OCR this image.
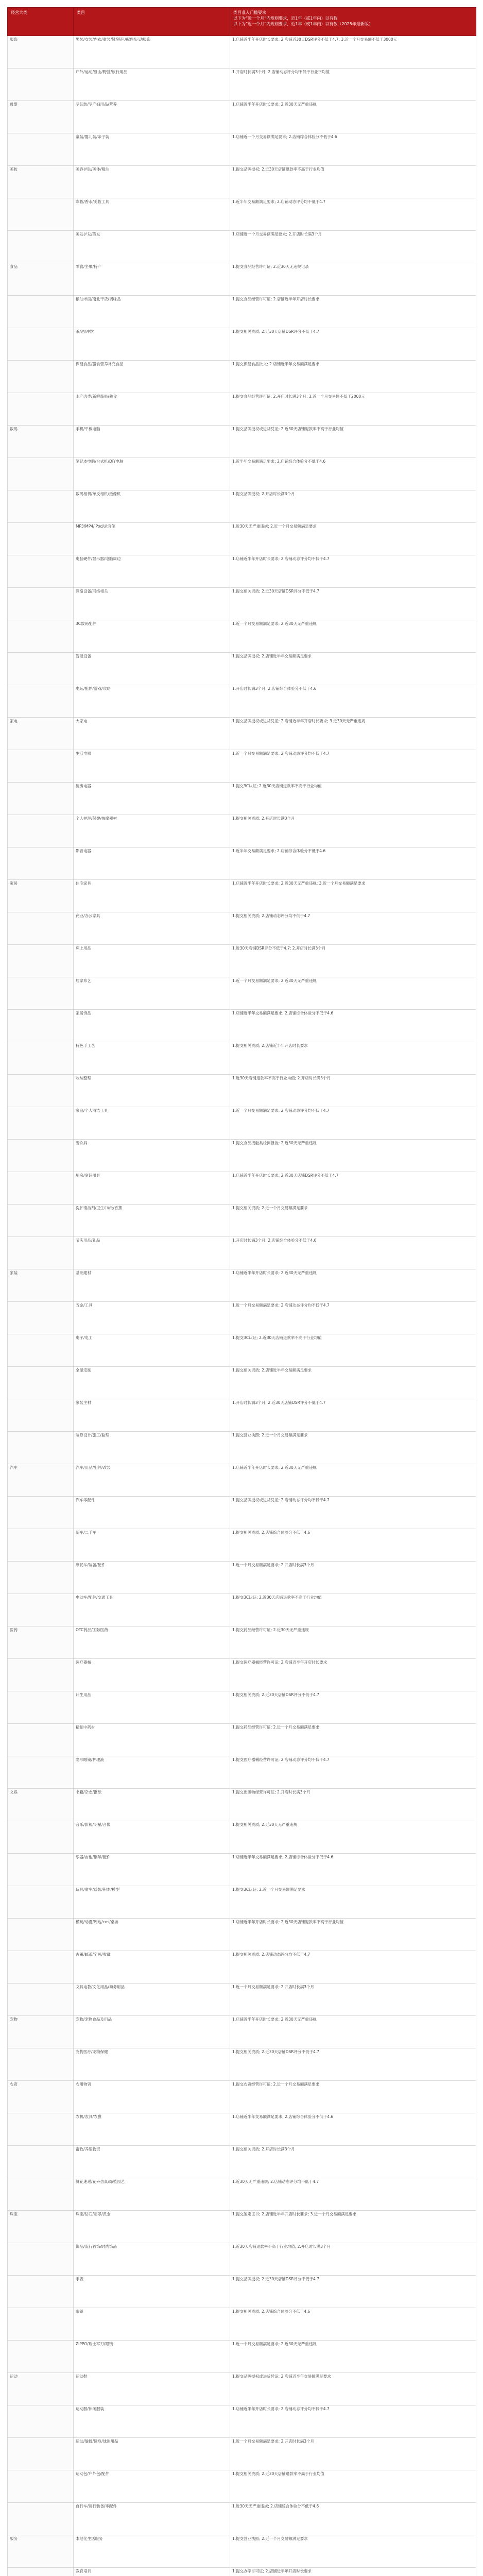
经营大类	类目	类目准入门槛要求
以下为“近一个月”内规则要求，近1年（或1年内）以有数
以下为“近一个月”内规则要求，近1年（或1年内）以有数（2025年最新版）

服饰	男装/女装/内衣/童装/鞋/箱包/配件/运动服饰	1.店铺近半年开店时长要求; 2.店铺近30天DSR评分不低于4.7; 3.近一个月交易额不低于3000元
	户外/运动/登山/野营/旅行用品	1.开店时长满3个月; 2.店铺动态评分均不低于行业平均值
母婴	孕妇装/孕产妇用品/营养	1.店铺近半年开店时长要求; 2.近30天无严重违规
	童装/婴儿装/亲子装	1.店铺近一个月交易额满足要求; 2.店铺综合体验分不低于4.6
美妆	美容护肤/美体/精油	1.提交品牌授权; 2.近30天店铺退款率不高于行业均值
	彩妆/香水/美妆工具	1.近半年交易额满足要求; 2.店铺动态评分均不低于4.7
	美发护发/假发	1.店铺近一个月交易额满足要求; 2.开店时长满3个月
食品	零食/坚果/特产	1.提交食品经营许可证; 2.近30天无违规记录
	粮油米面/南北干货/调味品	1.提交食品经营许可证; 2.店铺近半年开店时长要求
	茶/酒/冲饮	1.提交相关资质; 2.近30天店铺DSR评分不低于4.7
	保健食品/膳食营养补充食品	1.提交保健食品批文; 2.店铺近半年交易额满足要求
	水产肉类/新鲜蔬果/熟食	1.提交食品经营许可证; 2.开店时长满3个月; 3.近一个月交易额不低于2000元
数码	手机/平板电脑	1.提交品牌授权或进货凭证; 2.近30天店铺退款率不高于行业均值
	笔记本电脑/台式机/DIY电脑	1.近半年交易额满足要求; 2.店铺综合体验分不低于4.6
	数码相机/单反相机/摄像机	1.提交品牌授权; 2.开店时长满3个月
	MP3/MP4/iPod/录音笔	1.近30天无严重违规; 2.近一个月交易额满足要求
	电脑硬件/显示器/电脑周边	1.店铺近半年开店时长要求; 2.店铺动态评分均不低于4.7
	网络设备/网络相关	1.提交相关资质; 2.近30天店铺DSR评分不低于4.7
	3C数码配件	1.近一个月交易额满足要求; 2.近30天无严重违规
	智能设备	1.提交品牌授权; 2.店铺近半年交易额满足要求
	电玩/配件/游戏/攻略	1.开店时长满3个月; 2.店铺综合体验分不低于4.6
家电	大家电	1.提交品牌授权或进货凭证; 2.店铺近半年开店时长要求; 3.近30天无严重违规
	生活电器	1.近一个月交易额满足要求; 2.店铺动态评分均不低于4.7
	厨房电器	1.提交3C认证; 2.近30天店铺退款率不高于行业均值
	个人护理/保健/按摩器材	1.提交相关资质; 2.开店时长满3个月
	影音电器	1.近半年交易额满足要求; 2.店铺综合体验分不低于4.6
家居	住宅家具	1.店铺近半年开店时长要求; 2.近30天无严重违规; 3.近一个月交易额满足要求
	商业/办公家具	1.提交相关资质; 2.店铺动态评分均不低于4.7
	床上用品	1.近30天店铺DSR评分不低于4.7; 2.开店时长满3个月
	居家布艺	1.近一个月交易额满足要求; 2.近30天无严重违规
	家居饰品	1.店铺近半年交易额满足要求; 2.店铺综合体验分不低于4.6
	特色手工艺	1.提交相关资质; 2.店铺近半年开店时长要求
	收纳整理	1.近30天店铺退款率不高于行业均值; 2.开店时长满3个月
	家庭/个人清洁工具	1.近一个月交易额满足要求; 2.店铺动态评分均不低于4.7
	餐饮具	1.提交食品接触类检测报告; 2.近30天无严重违规
	厨房/烹饪用具	1.店铺近半年开店时长要求; 2.近30天店铺DSR评分不低于4.7
	洗护清洁剂/卫生巾/纸/香薰	1.提交相关资质; 2.近一个月交易额满足要求
	节庆用品/礼品	1.开店时长满3个月; 2.店铺综合体验分不低于4.6
家装	基础建材	1.店铺近半年开店时长要求; 2.近30天无严重违规
	五金/工具	1.近一个月交易额满足要求; 2.店铺动态评分均不低于4.7
	电子/电工	1.提交3C认证; 2.近30天店铺退款率不高于行业均值
	全屋定制	1.提交相关资质; 2.店铺近半年交易额满足要求
	家装主材	1.开店时长满3个月; 2.近30天店铺DSR评分不低于4.7
	装修设计/施工/监理	1.提交营业执照; 2.近一个月交易额满足要求
汽车	汽车/用品/配件/改装	1.店铺近半年开店时长要求; 2.近30天无严重违规
	汽车零配件	1.提交品牌授权或进货凭证; 2.店铺动态评分均不低于4.7
	新车/二手车	1.提交相关资质; 2.店铺综合体验分不低于4.6
	摩托车/装备/配件	1.近一个月交易额满足要求; 2.开店时长满3个月
	电动车/配件/交通工具	1.提交3C认证; 2.近30天店铺退款率不高于行业均值
医药	OTC药品/国际医药	1.提交药品经营许可证; 2.近30天无严重违规
	医疗器械	1.提交医疗器械经营许可证; 2.店铺近半年开店时长要求
	计生用品	1.提交相关资质; 2.近30天店铺DSR评分不低于4.7
	精制中药材	1.提交药品经营许可证; 2.近一个月交易额满足要求
	隐形眼镜/护理液	1.提交医疗器械经营许可证; 2.店铺动态评分均不低于4.7
文娱	书籍/杂志/报纸	1.提交出版物经营许可证; 2.开店时长满3个月
	音乐/影视/明星/音像	1.提交相关资质; 2.近30天无严重违规
	乐器/吉他/钢琴/配件	1.店铺近半年交易额满足要求; 2.店铺综合体验分不低于4.6
	玩具/童车/益智/积木/模型	1.提交3C认证; 2.近一个月交易额满足要求
	模玩/动漫/周边/cos/桌游	1.店铺近半年开店时长要求; 2.近30天店铺退款率不高于行业均值
	古董/邮币/字画/收藏	1.提交相关资质; 2.店铺动态评分均不低于4.7
	文具电教/文化用品/商务用品	1.近一个月交易额满足要求; 2.开店时长满3个月
宠物	宠物/宠物食品及用品	1.店铺近半年开店时长要求; 2.近30天无严重违规
	宠物医疗/宠物保健	1.提交相关资质; 2.近30天店铺DSR评分不低于4.7
农资	农用物资	1.提交农资经营许可证; 2.近一个月交易额满足要求
	农机/农具/农膜	1.店铺近半年交易额满足要求; 2.店铺综合体验分不低于4.6
	畜牧/养殖物资	1.提交相关资质; 2.开店时长满3个月
	鲜花速递/花卉仿真/绿植园艺	1.近30天无严重违规; 2.店铺动态评分均不低于4.7
珠宝	珠宝/钻石/翡翠/黄金	1.提交鉴定证书; 2.店铺近半年开店时长要求; 3.近一个月交易额满足要求
	饰品/流行首饰/时尚饰品	1.近30天店铺退款率不高于行业均值; 2.开店时长满3个月
	手表	1.提交品牌授权; 2.近30天店铺DSR评分不低于4.7
	眼镜	1.提交相关资质; 2.店铺综合体验分不低于4.6
	ZIPPO/瑞士军刀/眼镜	1.近一个月交易额满足要求; 2.近30天无严重违规
运动	运动鞋	1.提交品牌授权或进货凭证; 2.店铺近半年交易额满足要求
	运动服/休闲服装	1.店铺近半年开店时长要求; 2.店铺动态评分均不低于4.7
	运动/瑜伽/健身/球迷用品	1.近一个月交易额满足要求; 2.开店时长满3个月
	运动包/户外包/配件	1.提交相关资质; 2.近30天店铺退款率不高于行业均值
	自行车/骑行装备/零配件	1.近30天无严重违规; 2.店铺综合体验分不低于4.6
服务	本地化生活服务	1.提交营业执照; 2.近一个月交易额满足要求
	教育培训	1.提交办学许可证; 2.店铺近半年开店时长要求
